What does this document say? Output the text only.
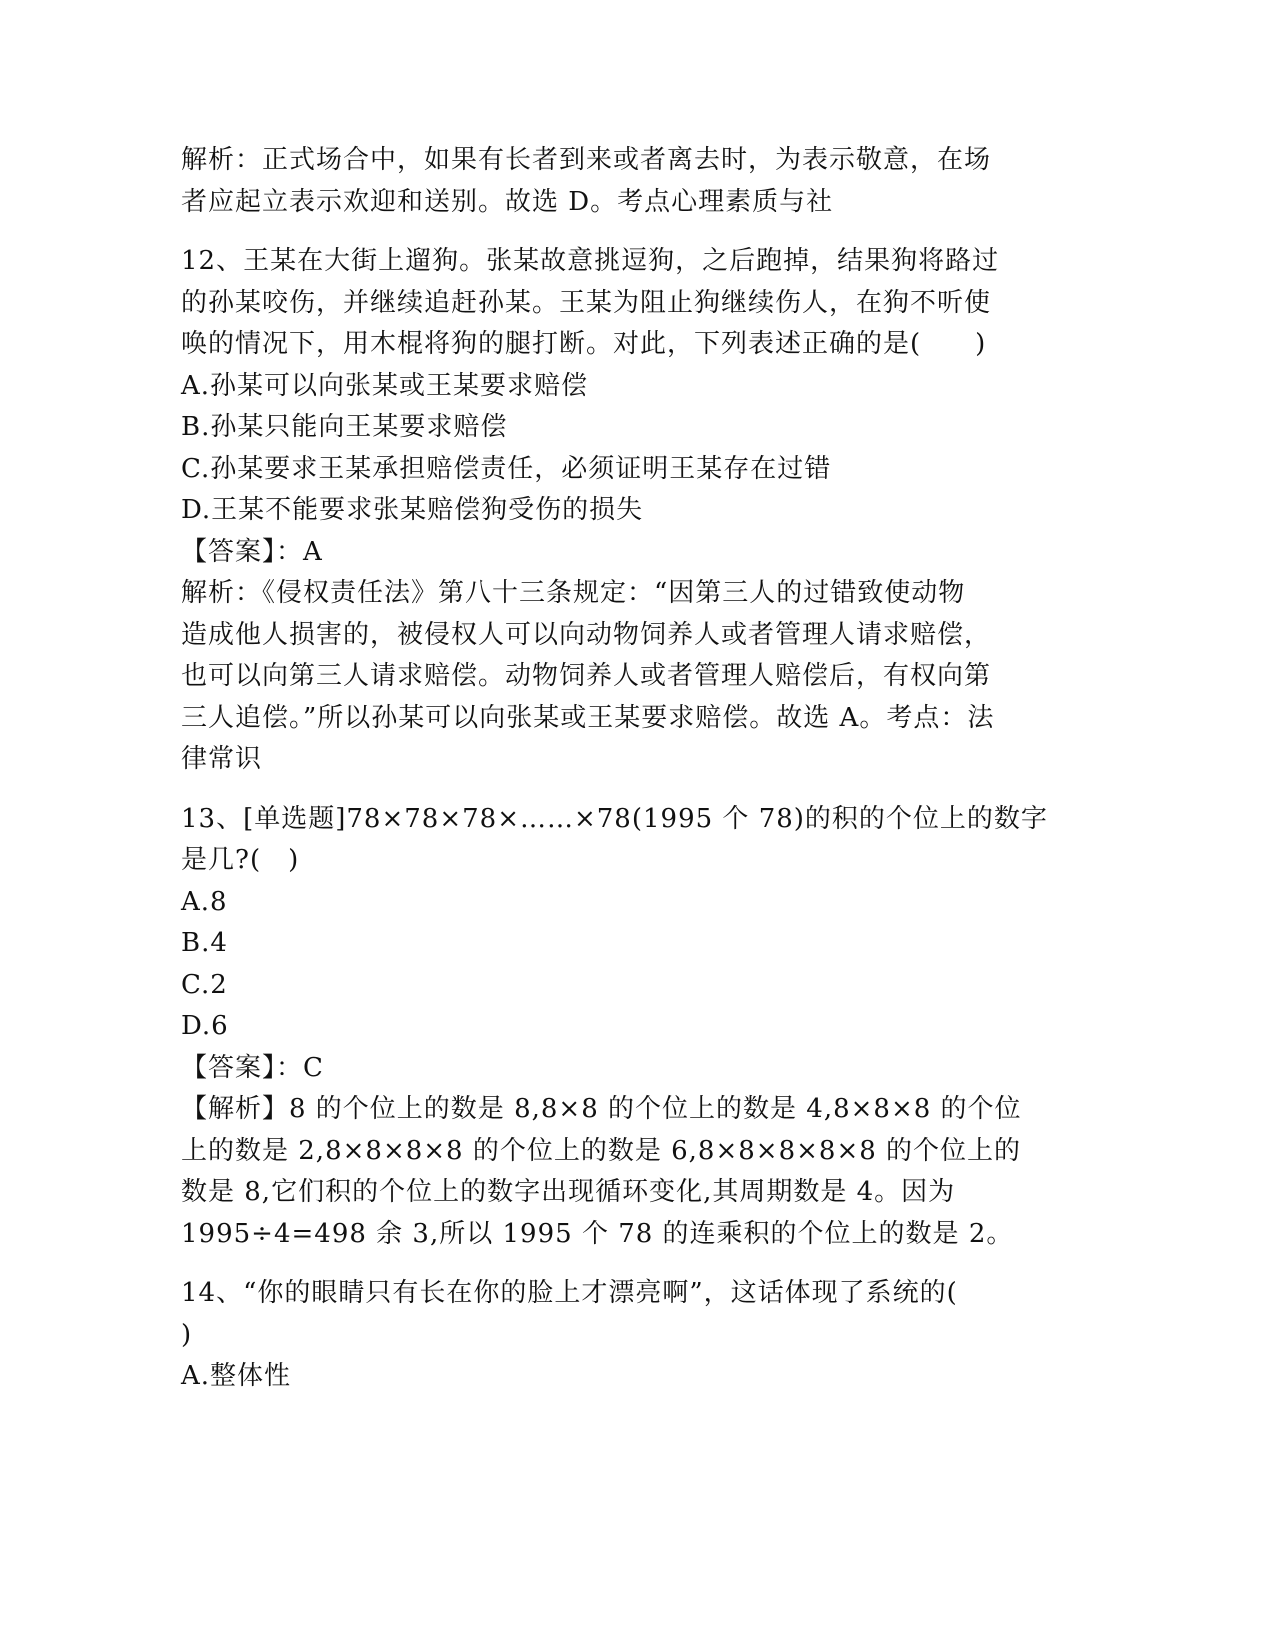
解析：正式场合中，如果有长者到来或者离去时，为表示敬意，在场
者应起立表示欢迎和送别。故选 D。考点心理素质与社
12、王某在大街上遛狗。张某故意挑逗狗，之后跑掉，结果狗将路过
的孙某咬伤，并继续追赶孙某。王某为阻止狗继续伤人，在狗不听使
唤的情况下，用木棍将狗的腿打断。对此，下列表述正确的是(　　)
A.孙某可以向张某或王某要求赔偿
B.孙某只能向王某要求赔偿
C.孙某要求王某承担赔偿责任，必须证明王某存在过错
D.王某不能要求张某赔偿狗受伤的损失
【答案】：A
解析：《侵权责任法》第八十三条规定：“因第三人的过错致使动物
造成他人损害的，被侵权人可以向动物饲养人或者管理人请求赔偿，
也可以向第三人请求赔偿。动物饲养人或者管理人赔偿后，有权向第
三人追偿。”所以孙某可以向张某或王某要求赔偿。故选 A。考点：法
律常识
13、[单选题]78×78×78×……×78(1995 个 78)的积的个位上的数字
是几?(　)
A.8
B.4
C.2
D.6
【答案】：C
【解析】8 的个位上的数是 8,8×8 的个位上的数是 4,8×8×8 的个位
上的数是 2,8×8×8×8 的个位上的数是 6,8×8×8×8×8 的个位上的
数是 8,它们积的个位上的数字出现循环变化,其周期数是 4。因为
1995÷4=498 余 3,所以 1995 个 78 的连乘积的个位上的数是 2。
14、“你的眼睛只有长在你的脸上才漂亮啊”，这话体现了系统的(
)
A.整体性
